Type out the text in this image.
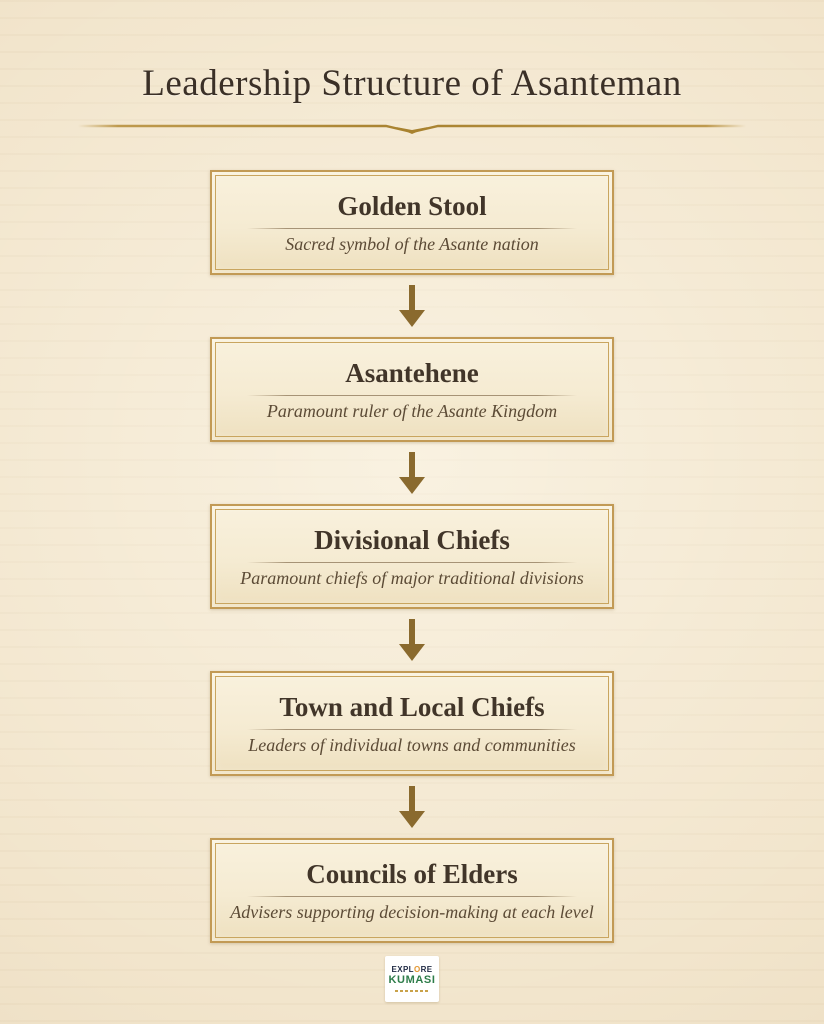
Leadership Structure of Asanteman
Golden Stool
Sacred symbol of the Asante nation
Asantehene
Paramount ruler of the Asante Kingdom
Divisional Chiefs
Paramount chiefs of major traditional divisions
Town and Local Chiefs
Leaders of individual towns and communities
Councils of Elders
Advisers supporting decision-making at each level
EXPLORE
KUMASI
